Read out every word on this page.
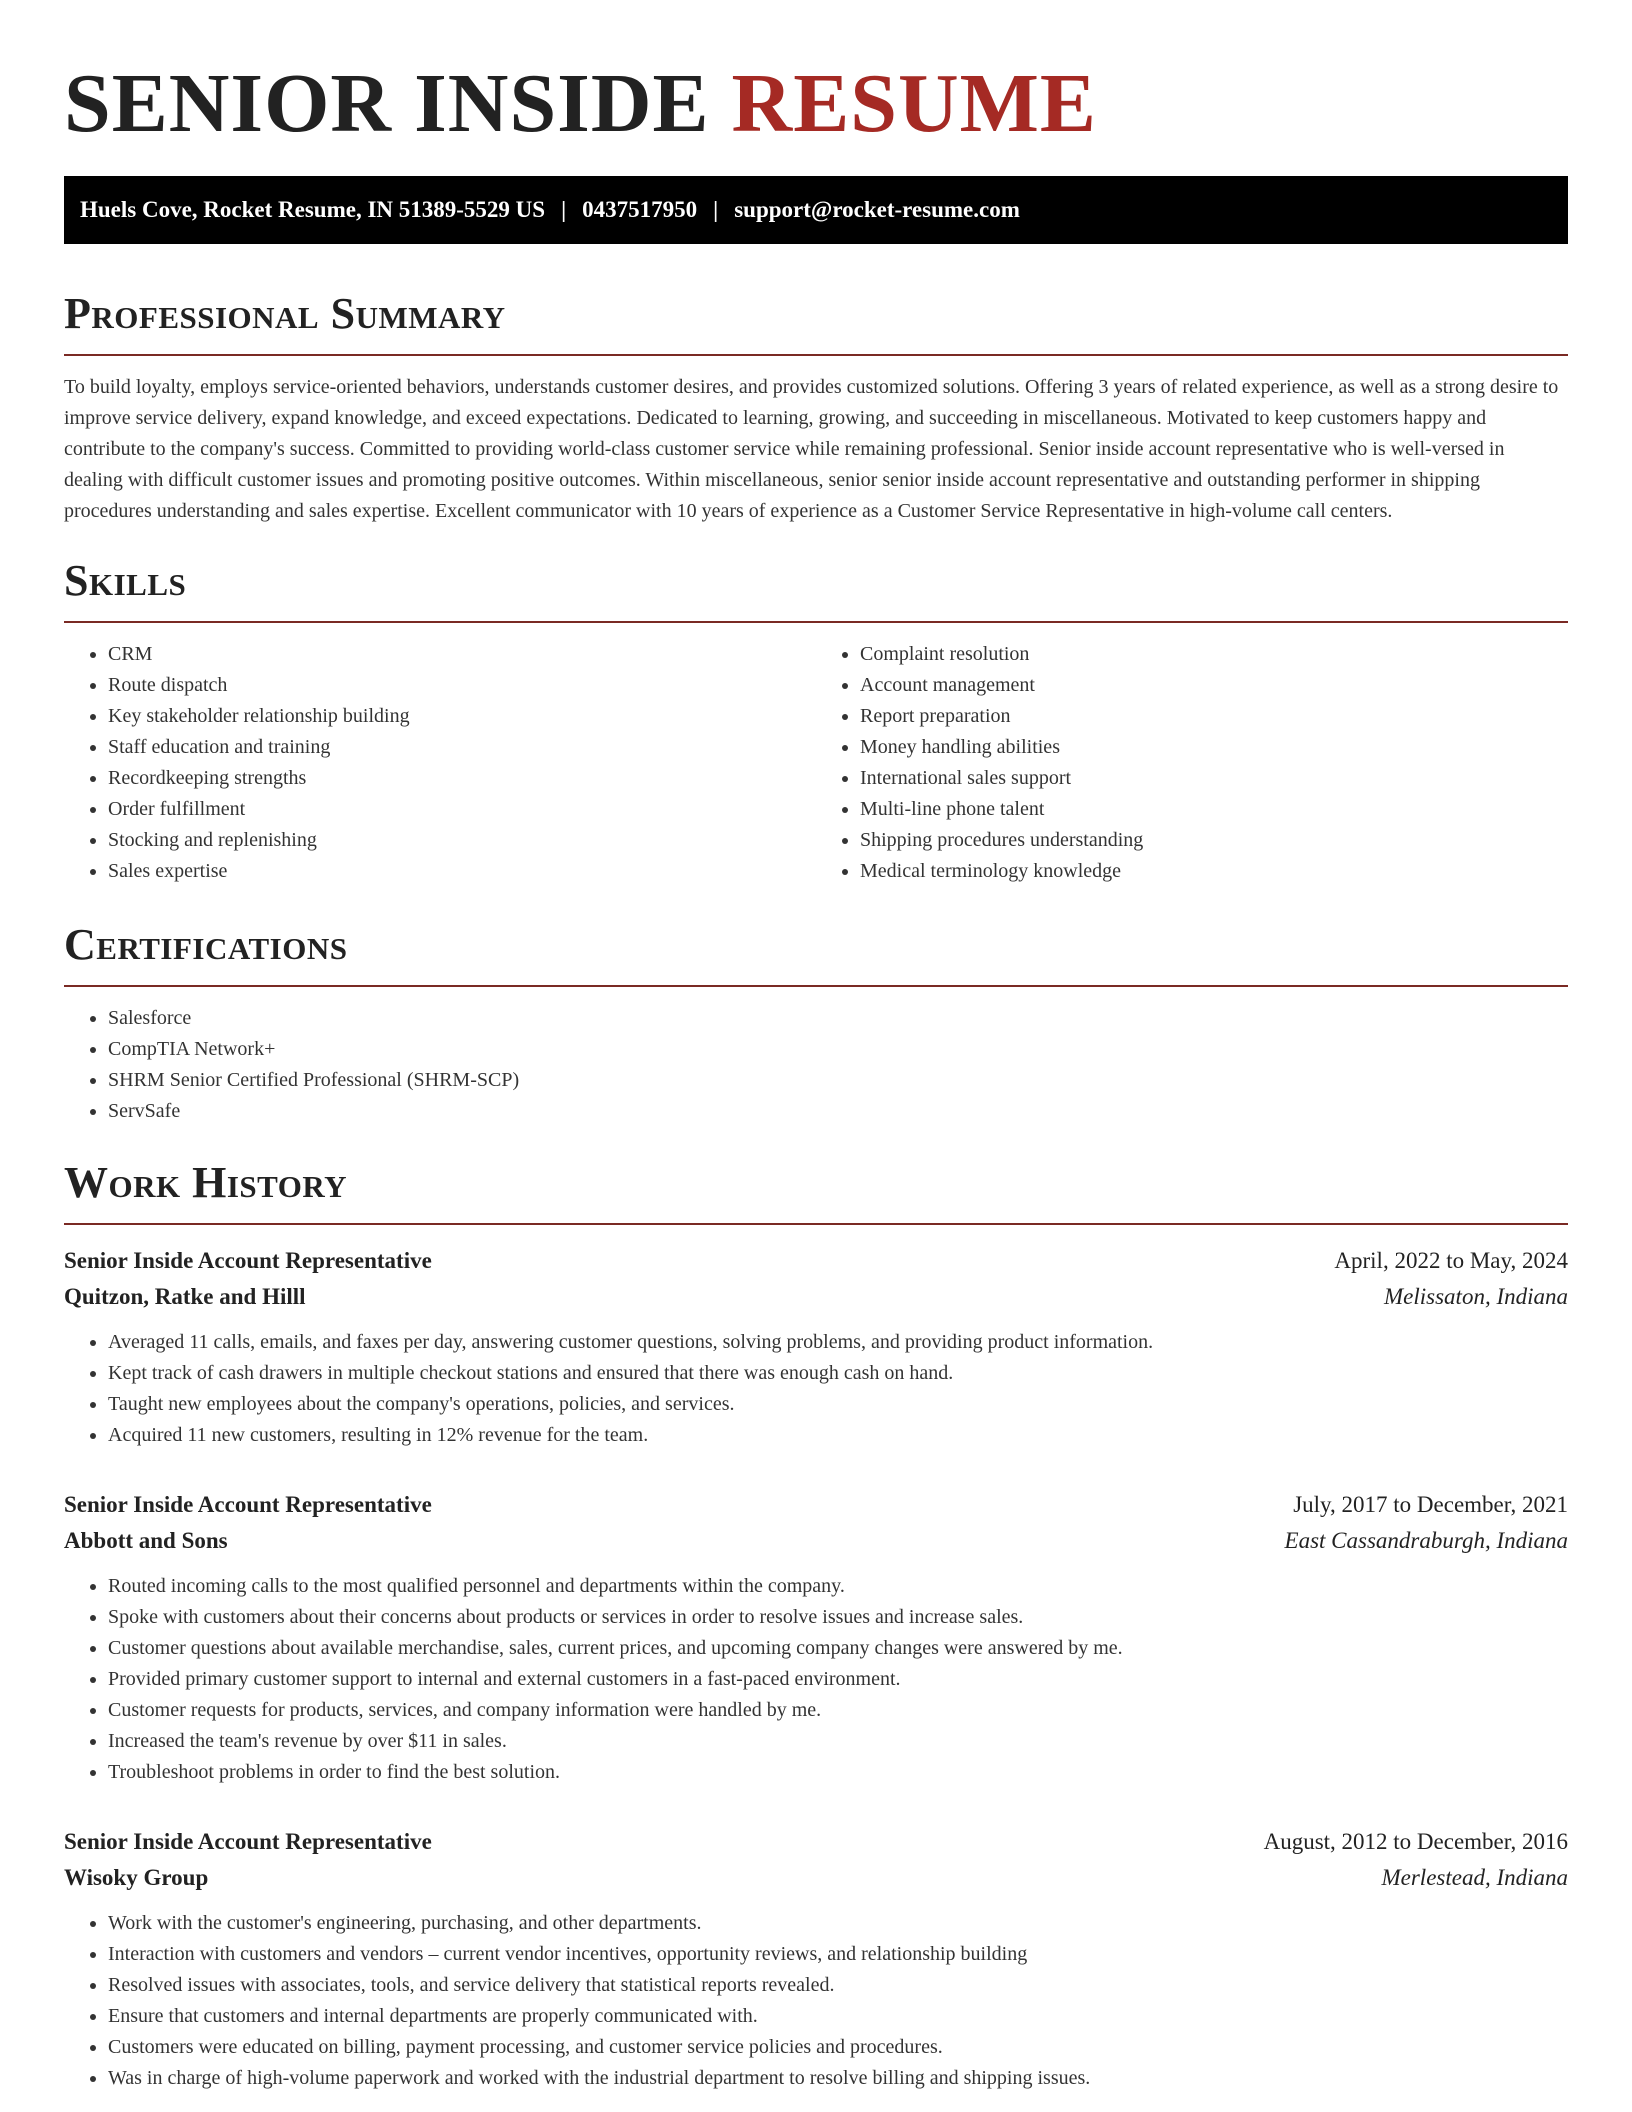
SENIOR INSIDE RESUME
Huels Cove, Rocket Resume, IN 51389-5529 US | 0437517950 | support@rocket-resume.com
Professional Summary

To build loyalty, employs service-oriented behaviors, understands customer desires, and provides customized solutions. Offering 3 years of related experience, as well as a strong desire to improve service delivery, expand knowledge, and exceed expectations. Dedicated to learning, growing, and succeeding in miscellaneous. Motivated to keep customers happy and contribute to the company's success. Committed to providing world-class customer service while remaining professional. Senior inside account representative who is well-versed in dealing with difficult customer issues and promoting positive outcomes. Within miscellaneous, senior senior inside account representative and outstanding performer in shipping procedures understanding and sales expertise. Excellent communicator with 10 years of experience as a Customer Service Representative in high-volume call centers.

Skills
• CRM
• Route dispatch
• Key stakeholder relationship building
• Staff education and training
• Recordkeeping strengths
• Order fulfillment
• Stocking and replenishing
• Sales expertise
• Complaint resolution
• Account management
• Report preparation
• Money handling abilities
• International sales support
• Multi-line phone talent
• Shipping procedures understanding
• Medical terminology knowledge
Certifications
• Salesforce
• CompTIA Network+
• SHRM Senior Certified Professional (SHRM-SCP)
• ServSafe
Work History
Senior Inside Account Representative	April, 2022 to May, 2024
Quitzon, Ratke and Hilll	Melissaton, Indiana
• Averaged 11 calls, emails, and faxes per day, answering customer questions, solving problems, and providing product information.
• Kept track of cash drawers in multiple checkout stations and ensured that there was enough cash on hand.
• Taught new employees about the company's operations, policies, and services.
• Acquired 11 new customers, resulting in 12% revenue for the team.
Senior Inside Account Representative	July, 2017 to December, 2021
Abbott and Sons	East Cassandraburgh, Indiana
• Routed incoming calls to the most qualified personnel and departments within the company.
• Spoke with customers about their concerns about products or services in order to resolve issues and increase sales.
• Customer questions about available merchandise, sales, current prices, and upcoming company changes were answered by me.
• Provided primary customer support to internal and external customers in a fast-paced environment.
• Customer requests for products, services, and company information were handled by me.
• Increased the team's revenue by over $11 in sales.
• Troubleshoot problems in order to find the best solution.
Senior Inside Account Representative	August, 2012 to December, 2016
Wisoky Group	Merlestead, Indiana
• Work with the customer's engineering, purchasing, and other departments.
• Interaction with customers and vendors – current vendor incentives, opportunity reviews, and relationship building
• Resolved issues with associates, tools, and service delivery that statistical reports revealed.
• Ensure that customers and internal departments are properly communicated with.
• Customers were educated on billing, payment processing, and customer service policies and procedures.
• Was in charge of high-volume paperwork and worked with the industrial department to resolve billing and shipping issues.
